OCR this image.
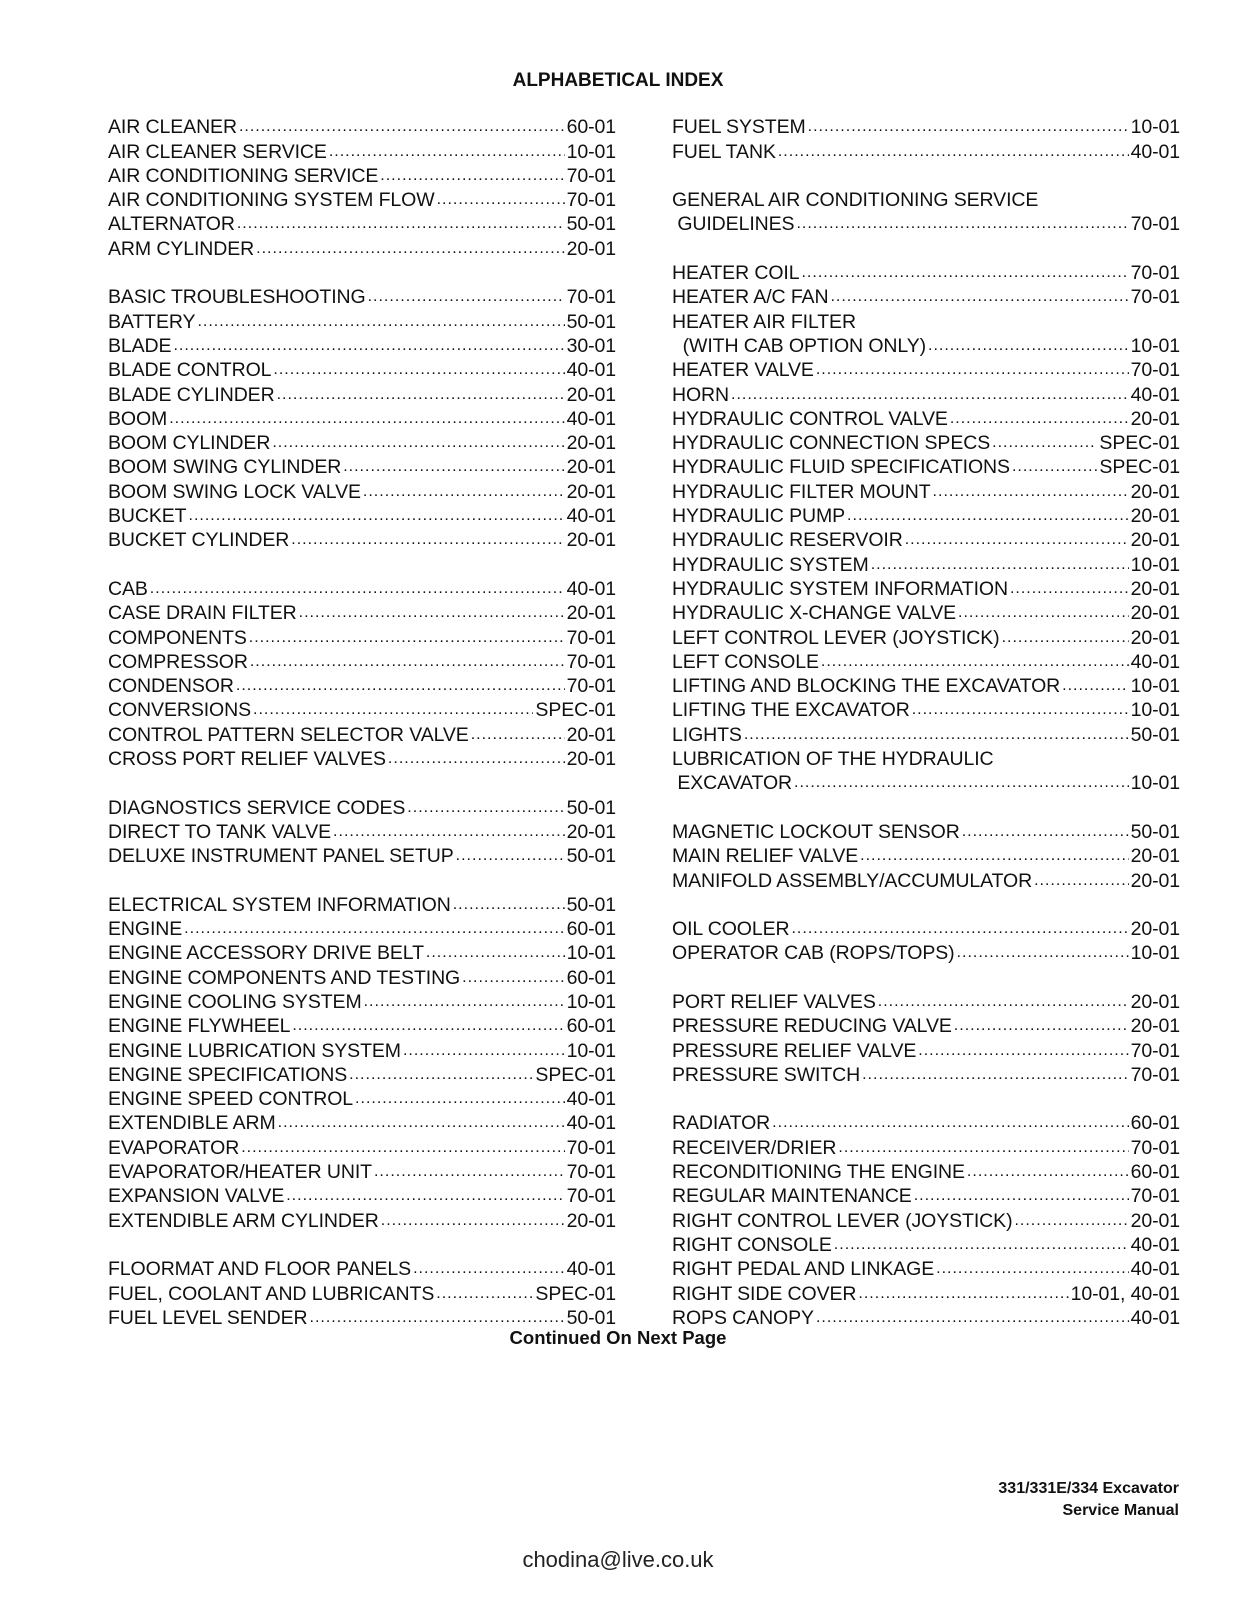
ALPHABETICAL INDEX
AIR CLEANER .....	60-01
AIR CLEANER SERVICE .....	10-01
AIR CONDITIONING SERVICE .....	70-01
AIR CONDITIONING SYSTEM FLOW .....	70-01
ALTERNATOR .....	50-01
ARM CYLINDER .....	20-01
BASIC TROUBLESHOOTING .....	70-01
BATTERY .....	50-01
BLADE .....	30-01
BLADE CONTROL .....	40-01
BLADE CYLINDER .....	20-01
BOOM .....	40-01
BOOM CYLINDER .....	20-01
BOOM SWING CYLINDER .....	20-01
BOOM SWING LOCK VALVE .....	20-01
BUCKET .....	40-01
BUCKET CYLINDER .....	20-01
CAB .....	40-01
CASE DRAIN FILTER .....	20-01
COMPONENTS .....	70-01
COMPRESSOR .....	70-01
CONDENSOR .....	70-01
CONVERSIONS .....	SPEC-01
CONTROL PATTERN SELECTOR VALVE .....	20-01
CROSS PORT RELIEF VALVES .....	20-01
DIAGNOSTICS SERVICE CODES .....	50-01
DIRECT TO TANK VALVE .....	20-01
DELUXE INSTRUMENT PANEL SETUP .....	50-01
ELECTRICAL SYSTEM INFORMATION .....	50-01
ENGINE .....	60-01
ENGINE ACCESSORY DRIVE BELT .....	10-01
ENGINE COMPONENTS AND TESTING .....	60-01
ENGINE COOLING SYSTEM .....	10-01
ENGINE FLYWHEEL .....	60-01
ENGINE LUBRICATION SYSTEM .....	10-01
ENGINE SPECIFICATIONS .....	SPEC-01
ENGINE SPEED CONTROL .....	40-01
EXTENDIBLE ARM .....	40-01
EVAPORATOR .....	70-01
EVAPORATOR/HEATER UNIT .....	70-01
EXPANSION VALVE .....	70-01
EXTENDIBLE ARM CYLINDER .....	20-01
FLOORMAT AND FLOOR PANELS .....	40-01
FUEL, COOLANT AND LUBRICANTS .....	SPEC-01
FUEL LEVEL SENDER .....	50-01
FUEL SYSTEM .....	10-01
FUEL TANK .....	40-01
GENERAL AIR CONDITIONING SERVICE
GUIDELINES .....	70-01
HEATER COIL .....	70-01
HEATER A/C FAN .....	70-01
HEATER AIR FILTER
(WITH CAB OPTION ONLY) .....	10-01
HEATER VALVE .....	70-01
HORN .....	40-01
HYDRAULIC CONTROL VALVE .....	20-01
HYDRAULIC CONNECTION SPECS .....	SPEC-01
HYDRAULIC FLUID SPECIFICATIONS .....	SPEC-01
HYDRAULIC FILTER MOUNT .....	20-01
HYDRAULIC PUMP .....	20-01
HYDRAULIC RESERVOIR .....	20-01
HYDRAULIC SYSTEM .....	10-01
HYDRAULIC SYSTEM INFORMATION .....	20-01
HYDRAULIC X-CHANGE VALVE .....	20-01
LEFT CONTROL LEVER (JOYSTICK) .....	20-01
LEFT CONSOLE .....	40-01
LIFTING AND BLOCKING THE EXCAVATOR .....	10-01
LIFTING THE EXCAVATOR .....	10-01
LIGHTS .....	50-01
LUBRICATION OF THE HYDRAULIC
EXCAVATOR .....	10-01
MAGNETIC LOCKOUT SENSOR .....	50-01
MAIN RELIEF VALVE .....	20-01
MANIFOLD ASSEMBLY/ACCUMULATOR .....	20-01
OIL COOLER .....	20-01
OPERATOR CAB (ROPS/TOPS) .....	10-01
PORT RELIEF VALVES .....	20-01
PRESSURE REDUCING VALVE .....	20-01
PRESSURE RELIEF VALVE .....	70-01
PRESSURE SWITCH .....	70-01
RADIATOR .....	60-01
RECEIVER/DRIER .....	70-01
RECONDITIONING THE ENGINE .....	60-01
REGULAR MAINTENANCE .....	70-01
RIGHT CONTROL LEVER (JOYSTICK) .....	20-01
RIGHT CONSOLE .....	40-01
RIGHT PEDAL AND LINKAGE .....	40-01
RIGHT SIDE COVER .....	10-01, 40-01
ROPS CANOPY .....	40-01
Continued On Next Page
331/331E/334 Excavator
Service Manual
chodina@live.co.uk
